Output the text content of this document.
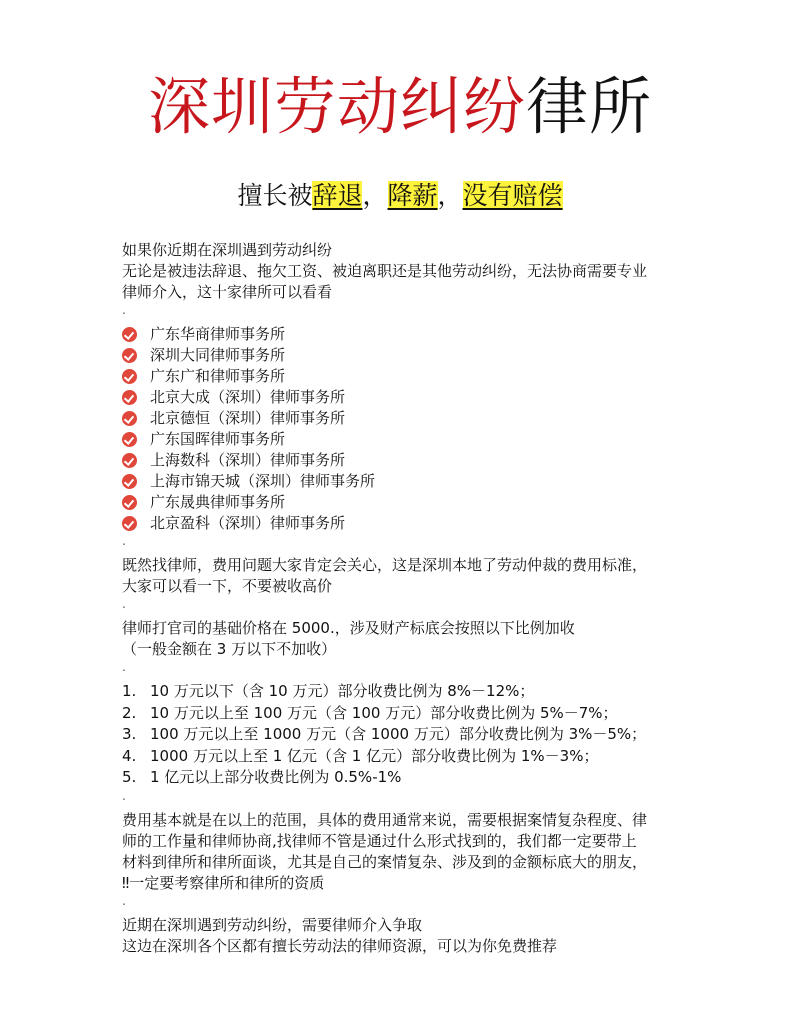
深圳劳动纠纷律所
擅长被辞退，降薪，没有赔偿

如果你近期在深圳遇到劳动纠纷

无论是被违法辞退、拖欠工资、被迫离职还是其他劳动纠纷，无法协商需要专业

律师介入，这十家律所可以看看

.

广东华商律师事务所
深圳大同律师事务所
广东广和律师事务所
北京大成（深圳）律师事务所
北京德恒（深圳）律师事务所
广东国晖律师事务所
上海数科（深圳）律师事务所
上海市锦天城（深圳）律师事务所
广东晟典律师事务所
北京盈科（深圳）律师事务所

.

既然找律师，费用问题大家肯定会关心，这是深圳本地了劳动仲裁的费用标准，

大家可以看一下，不要被收高价

.

律师打官司的基础价格在 5000.，涉及财产标底会按照以下比例加收

（一般金额在 3 万以下不加收）

.

1. 10 万元以下（含 10 万元）部分收费比例为 8%－12%；
2. 10 万元以上至 100 万元（含 100 万元）部分收费比例为 5%－7%；
3. 100 万元以上至 1000 万元（含 1000 万元）部分收费比例为 3%－5%；
4. 1000 万元以上至 1 亿元（含 1 亿元）部分收费比例为 1%－3%；
5. 1 亿元以上部分收费比例为 0.5%-1%

.

费用基本就是在以上的范围，具体的费用通常来说，需要根据案情复杂程度、律

师的工作量和律师协商,找律师不管是通过什么形式找到的，我们都一定要带上

材料到律所和律所面谈，尤其是自己的案情复杂、涉及到的金额标底大的朋友，

‼一定要考察律所和律所的资质

.

近期在深圳遇到劳动纠纷，需要律师介入争取

这边在深圳各个区都有擅长劳动法的律师资源，可以为你免费推荐
